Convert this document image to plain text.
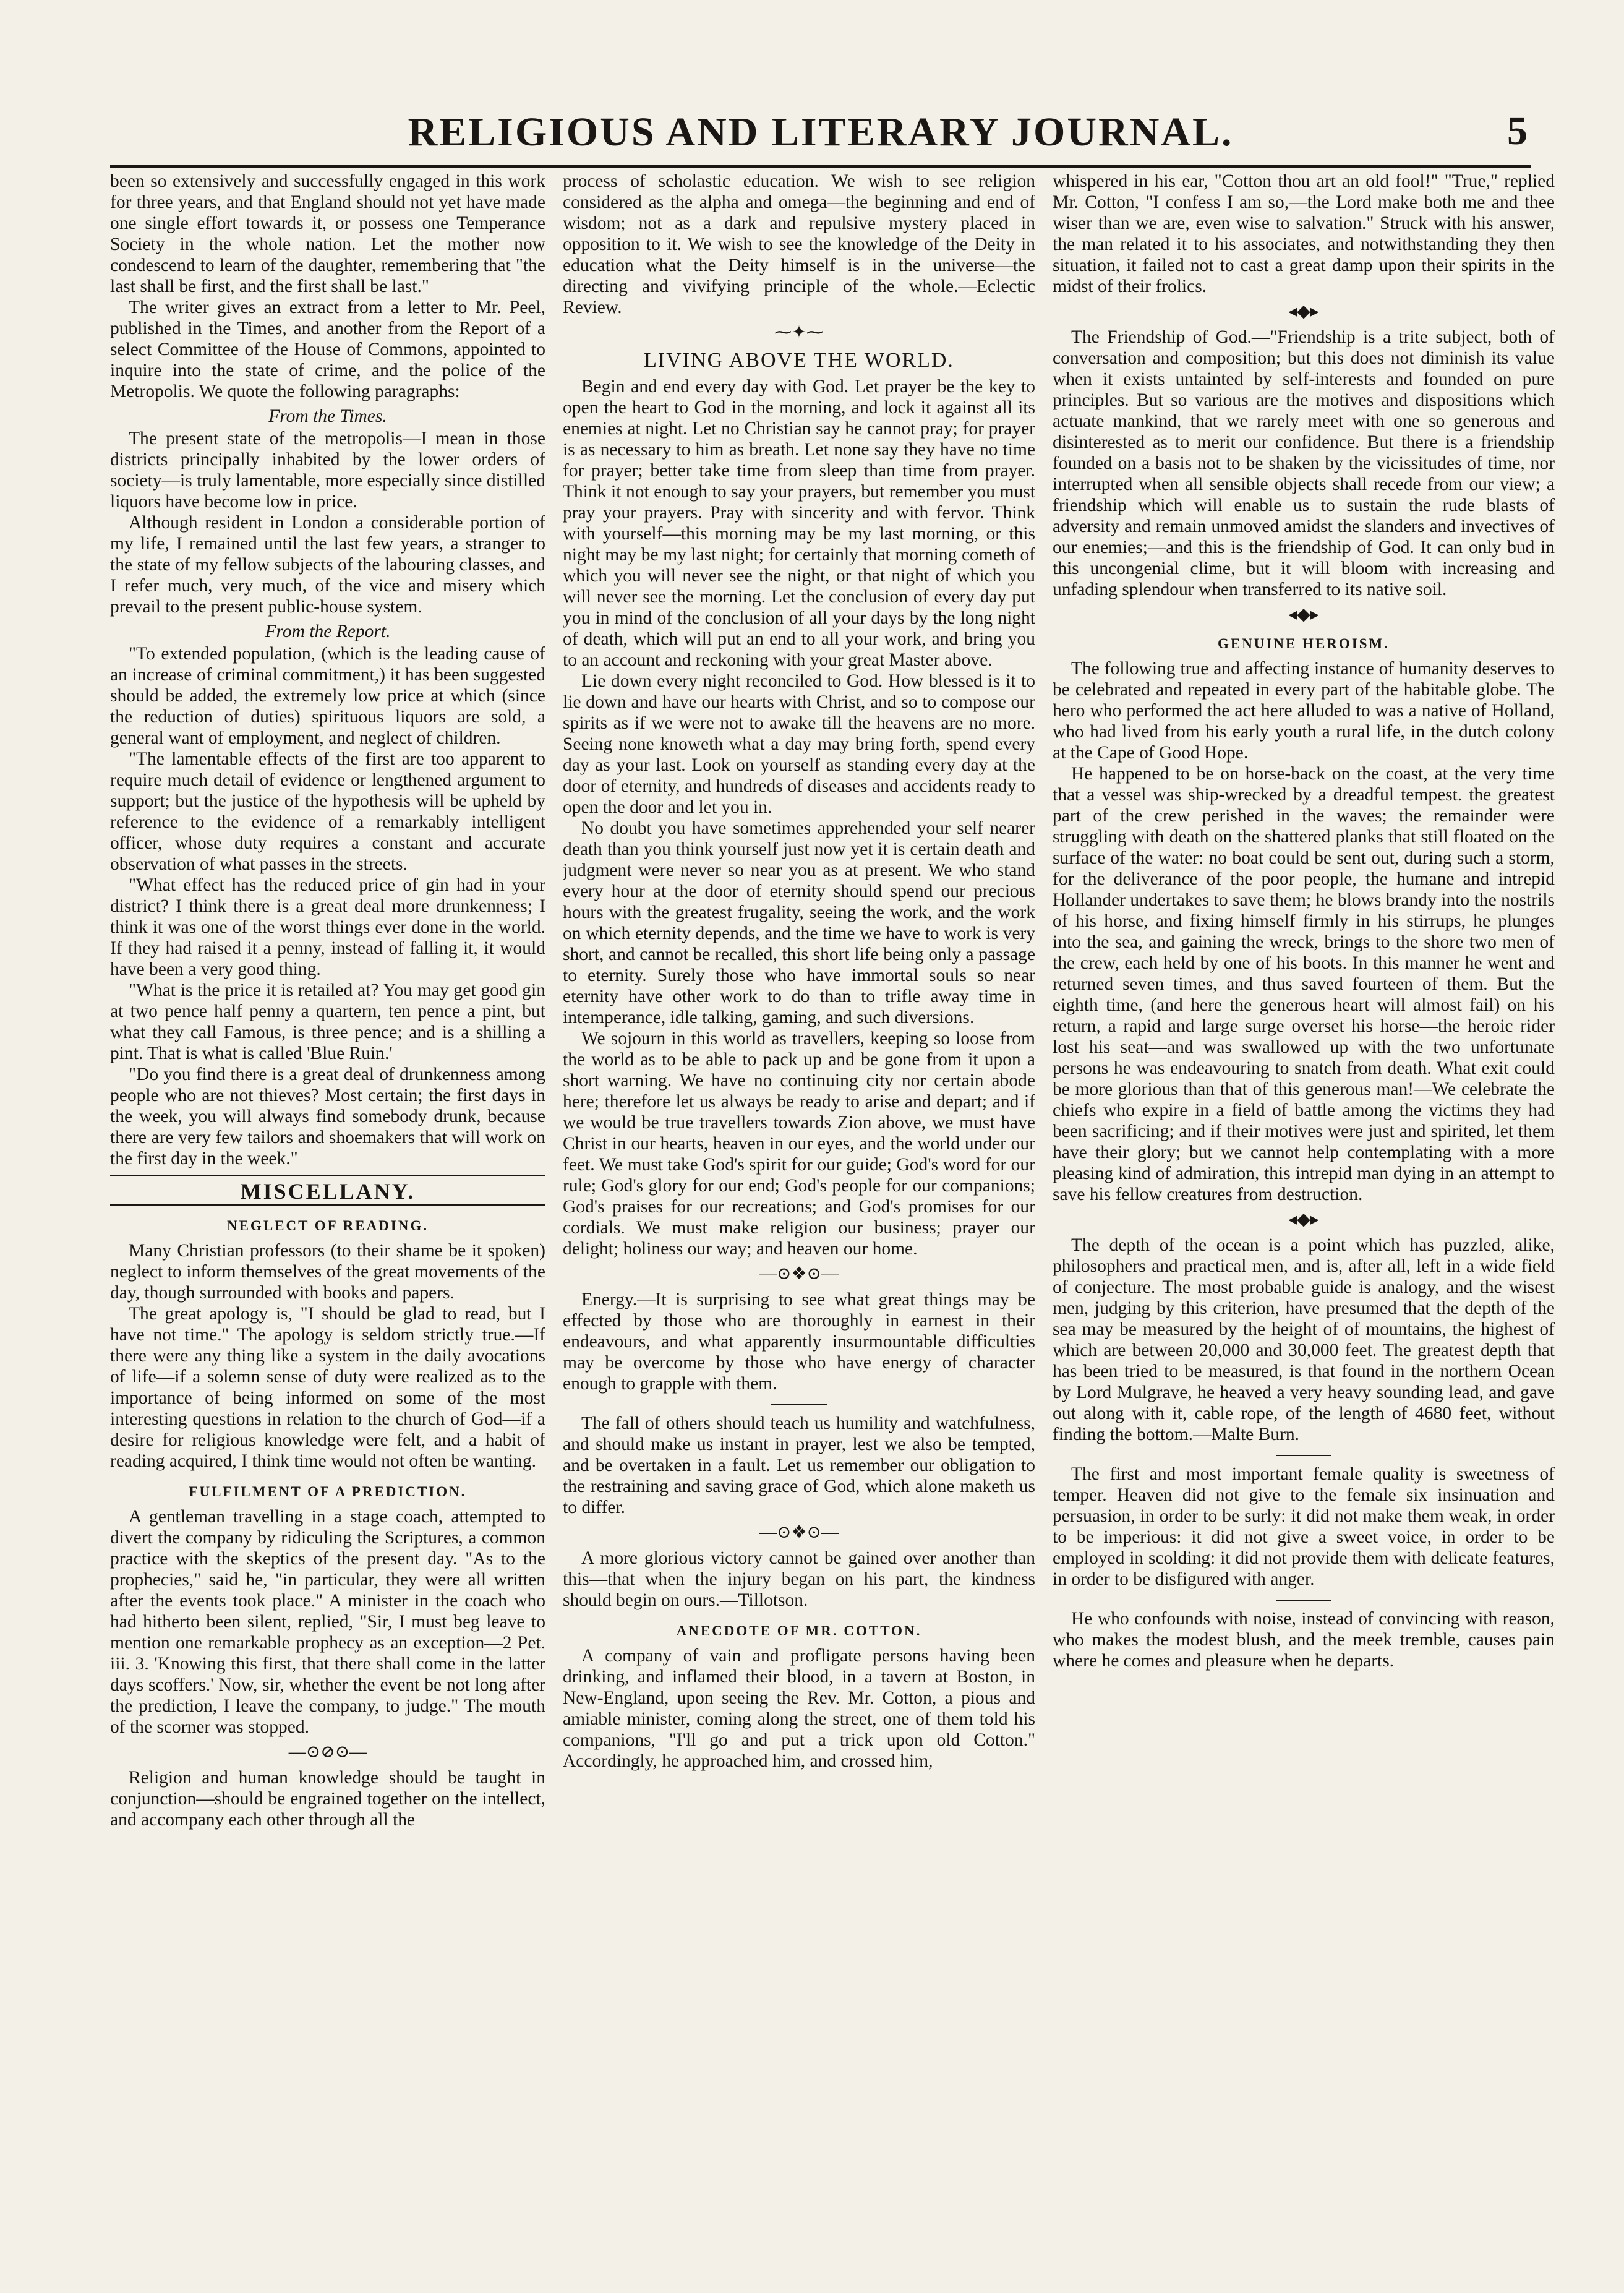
RELIGIOUS AND LITERARY JOURNAL.	5

been so extensively and successfully engaged in this work for three years, and that England should not yet have made one single effort towards it, or possess one Temperance Society in the whole nation. Let the mother now condescend to learn of the daughter, remembering that "the last shall be first, and the first shall be last."

The writer gives an extract from a letter to Mr. Peel, published in the Times, and another from the Report of a select Committee of the House of Commons, appointed to inquire into the state of crime, and the police of the Metropolis. We quote the following paragraphs:

From the Times.

The present state of the metropolis—I mean in those districts principally inhabited by the lower orders of society—is truly lamentable, more especially since distilled liquors have become low in price.

Although resident in London a considerable portion of my life, I remained until the last few years, a stranger to the state of my fellow subjects of the labouring classes, and I refer much, very much, of the vice and misery which prevail to the present public-house system.

From the Report.

"To extended population, (which is the leading cause of an increase of criminal commitment,) it has been suggested should be added, the extremely low price at which (since the reduction of duties) spirituous liquors are sold, a general want of employment, and neglect of children.

"The lamentable effects of the first are too apparent to require much detail of evidence or lengthened argument to support; but the justice of the hypothesis will be upheld by reference to the evidence of a remarkably intelligent officer, whose duty requires a constant and accurate observation of what passes in the streets.

"What effect has the reduced price of gin had in your district? I think there is a great deal more drunkenness; I think it was one of the worst things ever done in the world. If they had raised it a penny, instead of falling it, it would have been a very good thing.

"What is the price it is retailed at? You may get good gin at two pence half penny a quartern, ten pence a pint, but what they call Famous, is three pence; and is a shilling a pint. That is what is called 'Blue Ruin.'

"Do you find there is a great deal of drunkenness among people who are not thieves? Most certain; the first days in the week, you will always find somebody drunk, because there are very few tailors and shoemakers that will work on the first day in the week."

MISCELLANY.
NEGLECT OF READING.

Many Christian professors (to their shame be it spoken) neglect to inform themselves of the great movements of the day, though surrounded with books and papers.

The great apology is, "I should be glad to read, but I have not time." The apology is seldom strictly true.—If there were any thing like a system in the daily avocations of life—if a solemn sense of duty were realized as to the importance of being informed on some of the most interesting questions in relation to the church of God—if a desire for religious knowledge were felt, and a habit of reading acquired, I think time would not often be wanting.

FULFILMENT OF A PREDICTION.

A gentleman travelling in a stage coach, attempted to divert the company by ridiculing the Scriptures, a common practice with the skeptics of the present day. "As to the prophecies," said he, "in particular, they were all written after the events took place." A minister in the coach who had hitherto been silent, replied, "Sir, I must beg leave to mention one remarkable prophecy as an exception—2 Pet. iii. 3. 'Knowing this first, that there shall come in the latter days scoffers.' Now, sir, whether the event be not long after the prediction, I leave the company, to judge." The mouth of the scorner was stopped.

—⊙⊘⊙—

Religion and human knowledge should be taught in conjunction—should be engrained together on the intellect, and accompany each other through all the

process of scholastic education. We wish to see religion considered as the alpha and omega—the beginning and end of wisdom; not as a dark and repulsive mystery placed in opposition to it. We wish to see the knowledge of the Deity in education what the Deity himself is in the universe—the directing and vivifying principle of the whole.—Eclectic Review.

⁓✦⁓
LIVING ABOVE THE WORLD.

Begin and end every day with God. Let prayer be the key to open the heart to God in the morning, and lock it against all its enemies at night. Let no Christian say he cannot pray; for prayer is as necessary to him as breath. Let none say they have no time for prayer; better take time from sleep than time from prayer. Think it not enough to say your prayers, but remember you must pray your prayers. Pray with sincerity and with fervor. Think with yourself—this morning may be my last morning, or this night may be my last night; for certainly that morning cometh of which you will never see the night, or that night of which you will never see the morning. Let the conclusion of every day put you in mind of the conclusion of all your days by the long night of death, which will put an end to all your work, and bring you to an account and reckoning with your great Master above.

Lie down every night reconciled to God. How blessed is it to lie down and have our hearts with Christ, and so to compose our spirits as if we were not to awake till the heavens are no more. Seeing none knoweth what a day may bring forth, spend every day as your last. Look on yourself as standing every day at the door of eternity, and hundreds of diseases and accidents ready to open the door and let you in.

No doubt you have sometimes apprehended your self nearer death than you think yourself just now yet it is certain death and judgment were never so near you as at present. We who stand every hour at the door of eternity should spend our precious hours with the greatest frugality, seeing the work, and the work on which eternity depends, and the time we have to work is very short, and cannot be recalled, this short life being only a passage to eternity. Surely those who have immortal souls so near eternity have other work to do than to trifle away time in intemperance, idle talking, gaming, and such diversions.

We sojourn in this world as travellers, keeping so loose from the world as to be able to pack up and be gone from it upon a short warning. We have no continuing city nor certain abode here; therefore let us always be ready to arise and depart; and if we would be true travellers towards Zion above, we must have Christ in our hearts, heaven in our eyes, and the world under our feet. We must take God's spirit for our guide; God's word for our rule; God's glory for our end; God's people for our companions; God's praises for our recreations; and God's promises for our cordials. We must make religion our business; prayer our delight; holiness our way; and heaven our home.

—⊙❖⊙—

Energy.—It is surprising to see what great things may be effected by those who are thoroughly in earnest in their endeavours, and what apparently insurmountable difficulties may be overcome by those who have energy of character enough to grapple with them.

The fall of others should teach us humility and watchfulness, and should make us instant in prayer, lest we also be tempted, and be overtaken in a fault. Let us remember our obligation to the restraining and saving grace of God, which alone maketh us to differ.

—⊙❖⊙—

A more glorious victory cannot be gained over another than this—that when the injury began on his part, the kindness should begin on ours.—Tillotson.

ANECDOTE OF MR. COTTON.

A company of vain and profligate persons having been drinking, and inflamed their blood, in a tavern at Boston, in New-England, upon seeing the Rev. Mr. Cotton, a pious and amiable minister, coming along the street, one of them told his companions, "I'll go and put a trick upon old Cotton." Accordingly, he approached him, and crossed him,

whispered in his ear, "Cotton thou art an old fool!" "True," replied Mr. Cotton, "I confess I am so,—the Lord make both me and thee wiser than we are, even wise to salvation." Struck with his answer, the man related it to his associates, and notwithstanding they then situation, it failed not to cast a great damp upon their spirits in the midst of their frolics.

◂◆▸

The Friendship of God.—"Friendship is a trite subject, both of conversation and composition; but this does not diminish its value when it exists untainted by self-interests and founded on pure principles. But so various are the motives and dispositions which actuate mankind, that we rarely meet with one so generous and disinterested as to merit our confidence. But there is a friendship founded on a basis not to be shaken by the vicissitudes of time, nor interrupted when all sensible objects shall recede from our view; a friendship which will enable us to sustain the rude blasts of adversity and remain unmoved amidst the slanders and invectives of our enemies;—and this is the friendship of God. It can only bud in this uncongenial clime, but it will bloom with increasing and unfading splendour when transferred to its native soil.

◂◆▸
GENUINE HEROISM.

The following true and affecting instance of humanity deserves to be celebrated and repeated in every part of the habitable globe. The hero who performed the act here alluded to was a native of Holland, who had lived from his early youth a rural life, in the dutch colony at the Cape of Good Hope.

He happened to be on horse-back on the coast, at the very time that a vessel was ship-wrecked by a dreadful tempest. the greatest part of the crew perished in the waves; the remainder were struggling with death on the shattered planks that still floated on the surface of the water: no boat could be sent out, during such a storm, for the deliverance of the poor people, the humane and intrepid Hollander undertakes to save them; he blows brandy into the nostrils of his horse, and fixing himself firmly in his stirrups, he plunges into the sea, and gaining the wreck, brings to the shore two men of the crew, each held by one of his boots. In this manner he went and returned seven times, and thus saved fourteen of them. But the eighth time, (and here the generous heart will almost fail) on his return, a rapid and large surge overset his horse—the heroic rider lost his seat—and was swallowed up with the two unfortunate persons he was endeavouring to snatch from death. What exit could be more glorious than that of this generous man!—We celebrate the chiefs who expire in a field of battle among the victims they had been sacrificing; and if their motives were just and spirited, let them have their glory; but we cannot help contemplating with a more pleasing kind of admiration, this intrepid man dying in an attempt to save his fellow creatures from destruction.

◂◆▸

The depth of the ocean is a point which has puzzled, alike, philosophers and practical men, and is, after all, left in a wide field of conjecture. The most probable guide is analogy, and the wisest men, judging by this criterion, have presumed that the depth of the sea may be measured by the height of of mountains, the highest of which are between 20,000 and 30,000 feet. The greatest depth that has been tried to be measured, is that found in the northern Ocean by Lord Mulgrave, he heaved a very heavy sounding lead, and gave out along with it, cable rope, of the length of 4680 feet, without finding the bottom.—Malte Burn.

The first and most important female quality is sweetness of temper. Heaven did not give to the female six insinuation and persuasion, in order to be surly: it did not make them weak, in order to be imperious: it did not give a sweet voice, in order to be employed in scolding: it did not provide them with delicate features, in order to be disfigured with anger.

He who confounds with noise, instead of convincing with reason, who makes the modest blush, and the meek tremble, causes pain where he comes and pleasure when he departs.
